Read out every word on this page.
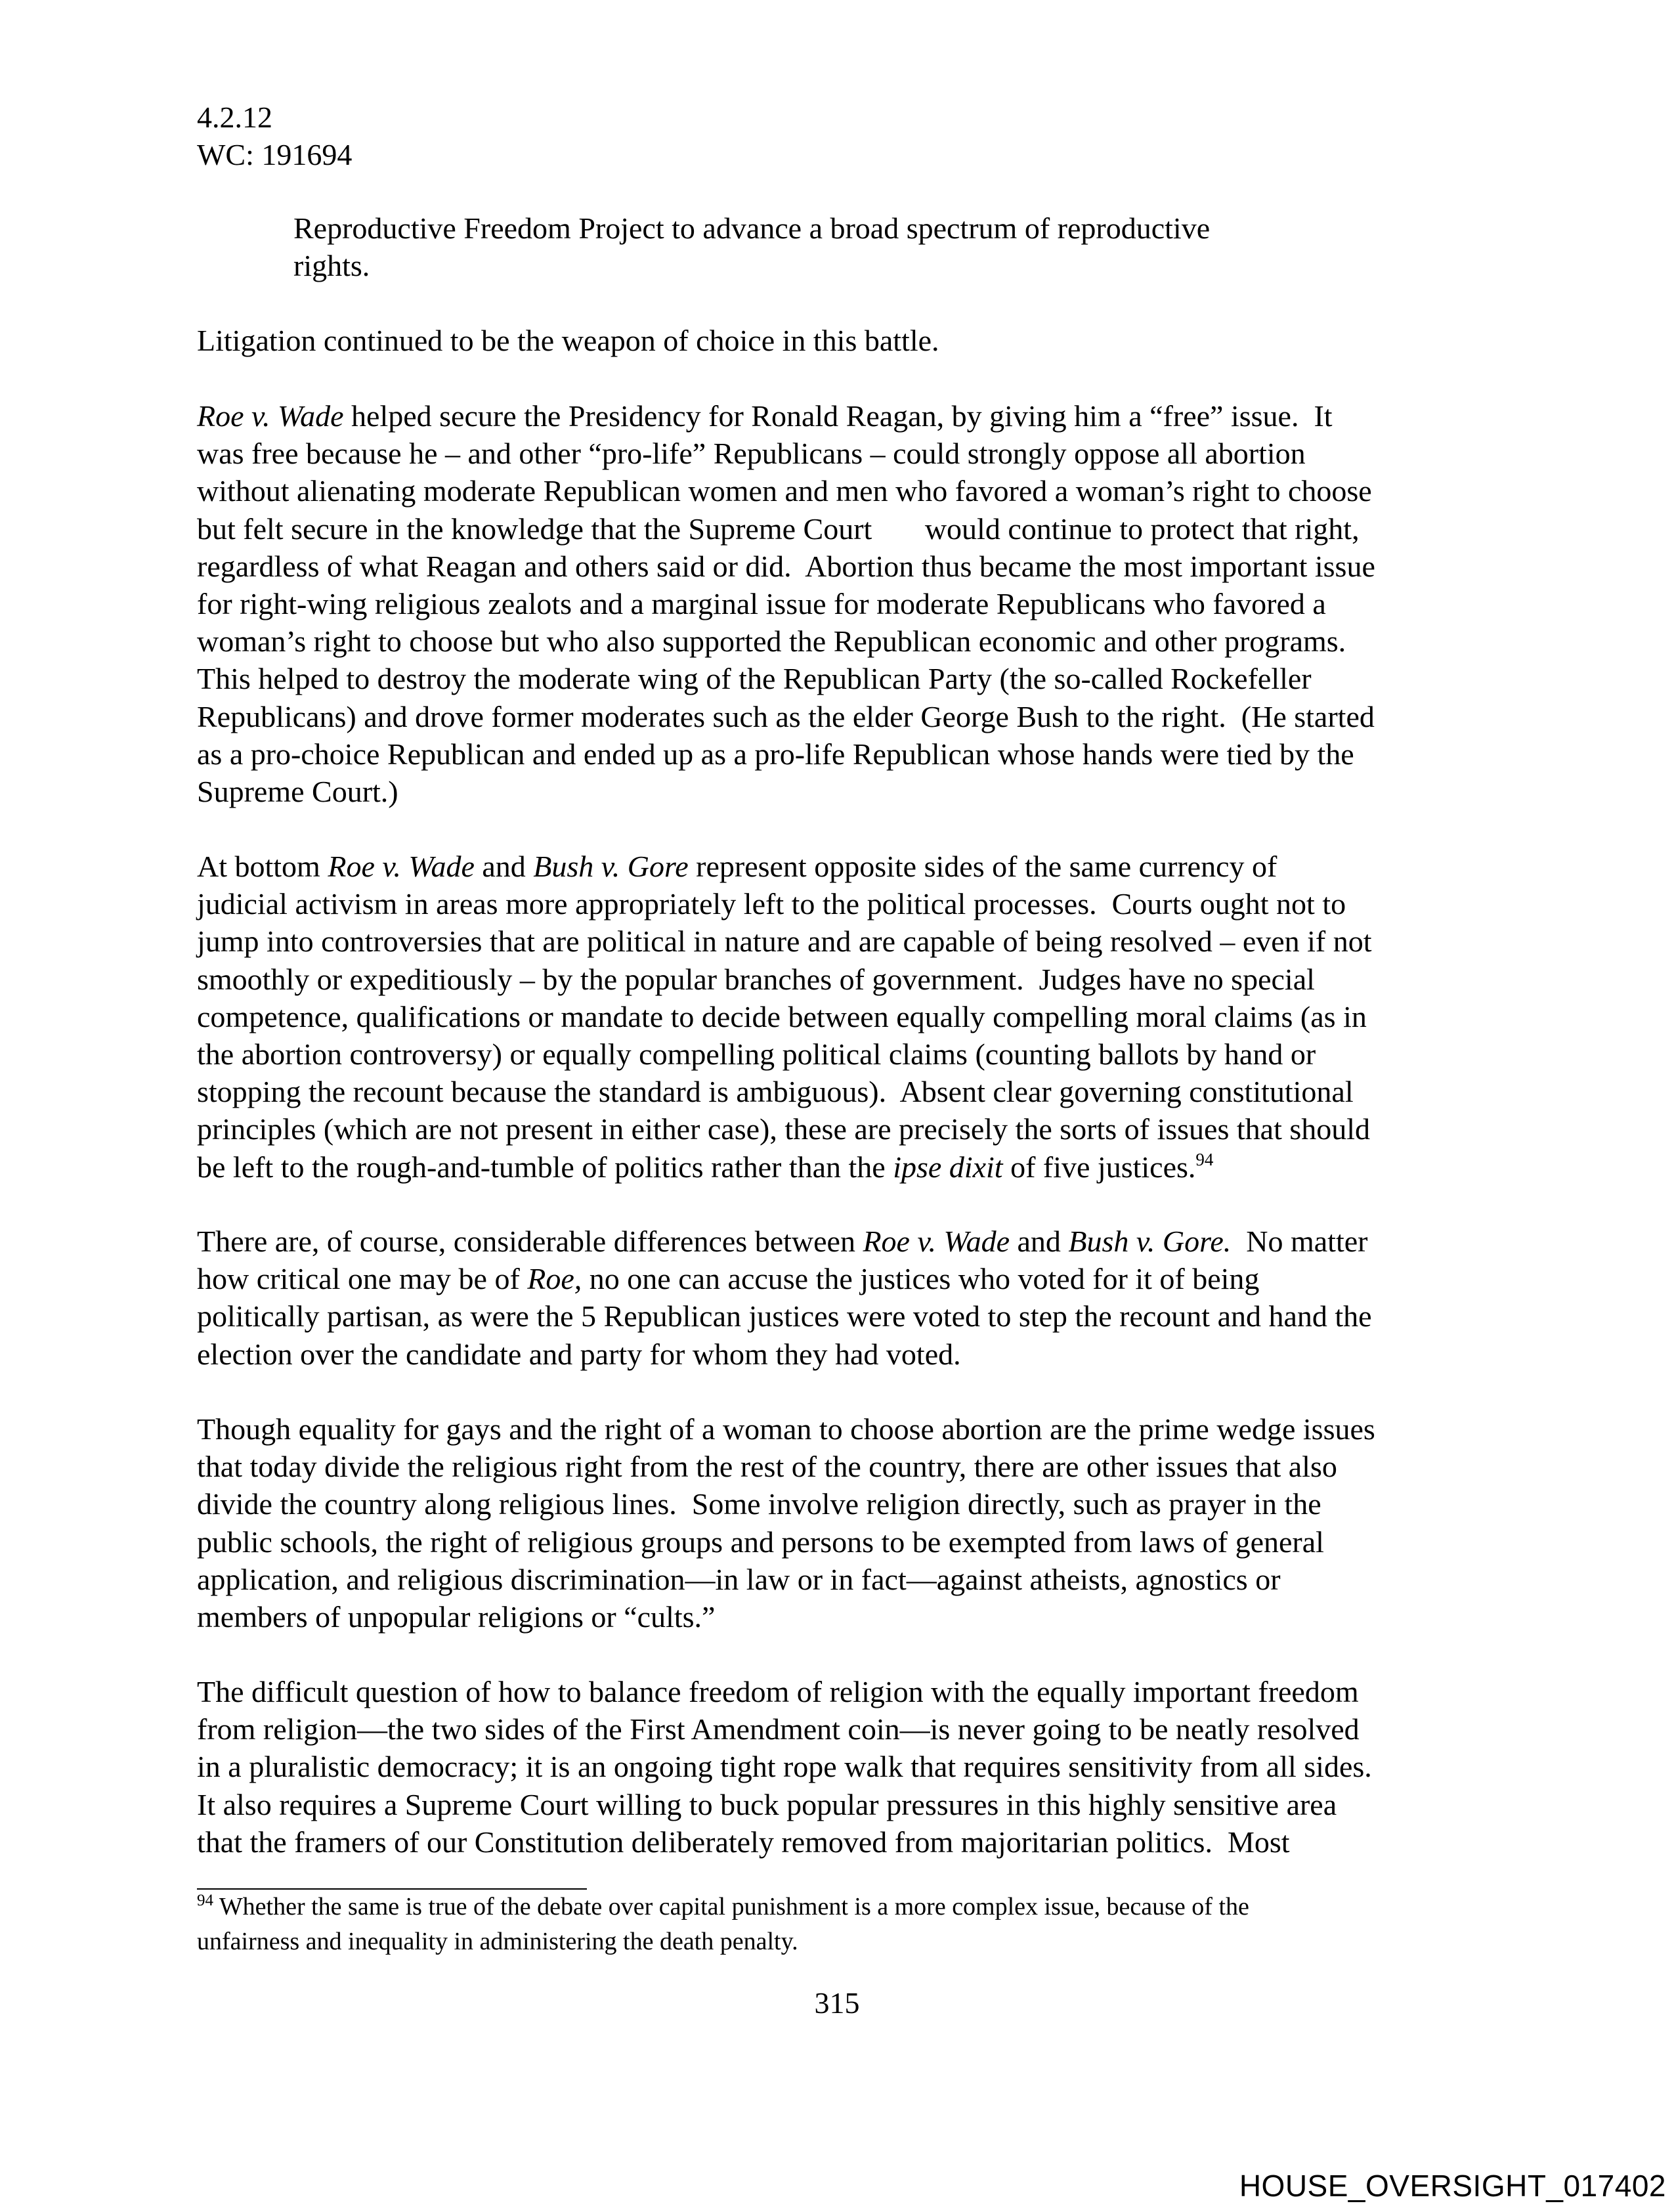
4.2.12
WC: 191694
Reproductive Freedom Project to advance a broad spectrum of reproductive
rights.
Litigation continued to be the weapon of choice in this battle.
Roe v. Wade helped secure the Presidency for Ronald Reagan, by giving him a “free” issue.  It
was free because he – and other “pro-life” Republicans – could strongly oppose all abortion
without alienating moderate Republican women and men who favored a woman’s right to choose
but felt secure in the knowledge that the Supreme Court       would continue to protect that right,
regardless of what Reagan and others said or did.  Abortion thus became the most important issue
for right-wing religious zealots and a marginal issue for moderate Republicans who favored a
woman’s right to choose but who also supported the Republican economic and other programs.
This helped to destroy the moderate wing of the Republican Party (the so-called Rockefeller
Republicans) and drove former moderates such as the elder George Bush to the right.  (He started
as a pro-choice Republican and ended up as a pro-life Republican whose hands were tied by the
Supreme Court.)
At bottom Roe v. Wade and Bush v. Gore represent opposite sides of the same currency of
judicial activism in areas more appropriately left to the political processes.  Courts ought not to
jump into controversies that are political in nature and are capable of being resolved – even if not
smoothly or expeditiously – by the popular branches of government.  Judges have no special
competence, qualifications or mandate to decide between equally compelling moral claims (as in
the abortion controversy) or equally compelling political claims (counting ballots by hand or
stopping the recount because the standard is ambiguous).  Absent clear governing constitutional
principles (which are not present in either case), these are precisely the sorts of issues that should
be left to the rough-and-tumble of politics rather than the ipse dixit of five justices.$^{94}$
There are, of course, considerable differences between Roe v. Wade and Bush v. Gore.  No matter
how critical one may be of Roe, no one can accuse the justices who voted for it of being
politically partisan, as were the 5 Republican justices were voted to step the recount and hand the
election over the candidate and party for whom they had voted.
Though equality for gays and the right of a woman to choose abortion are the prime wedge issues
that today divide the religious right from the rest of the country, there are other issues that also
divide the country along religious lines.  Some involve religion directly, such as prayer in the
public schools, the right of religious groups and persons to be exempted from laws of general
application, and religious discrimination—in law or in fact—against atheists, agnostics or
members of unpopular religions or “cults.”
The difficult question of how to balance freedom of religion with the equally important freedom
from religion—the two sides of the First Amendment coin—is never going to be neatly resolved
in a pluralistic democracy; it is an ongoing tight rope walk that requires sensitivity from all sides.
It also requires a Supreme Court willing to buck popular pressures in this highly sensitive area
that the framers of our Constitution deliberately removed from majoritarian politics.  Most
$^{94}$ Whether the same is true of the debate over capital punishment is a more complex issue, because of the
unfairness and inequality in administering the death penalty.
315
HOUSE_OVERSIGHT_017402
